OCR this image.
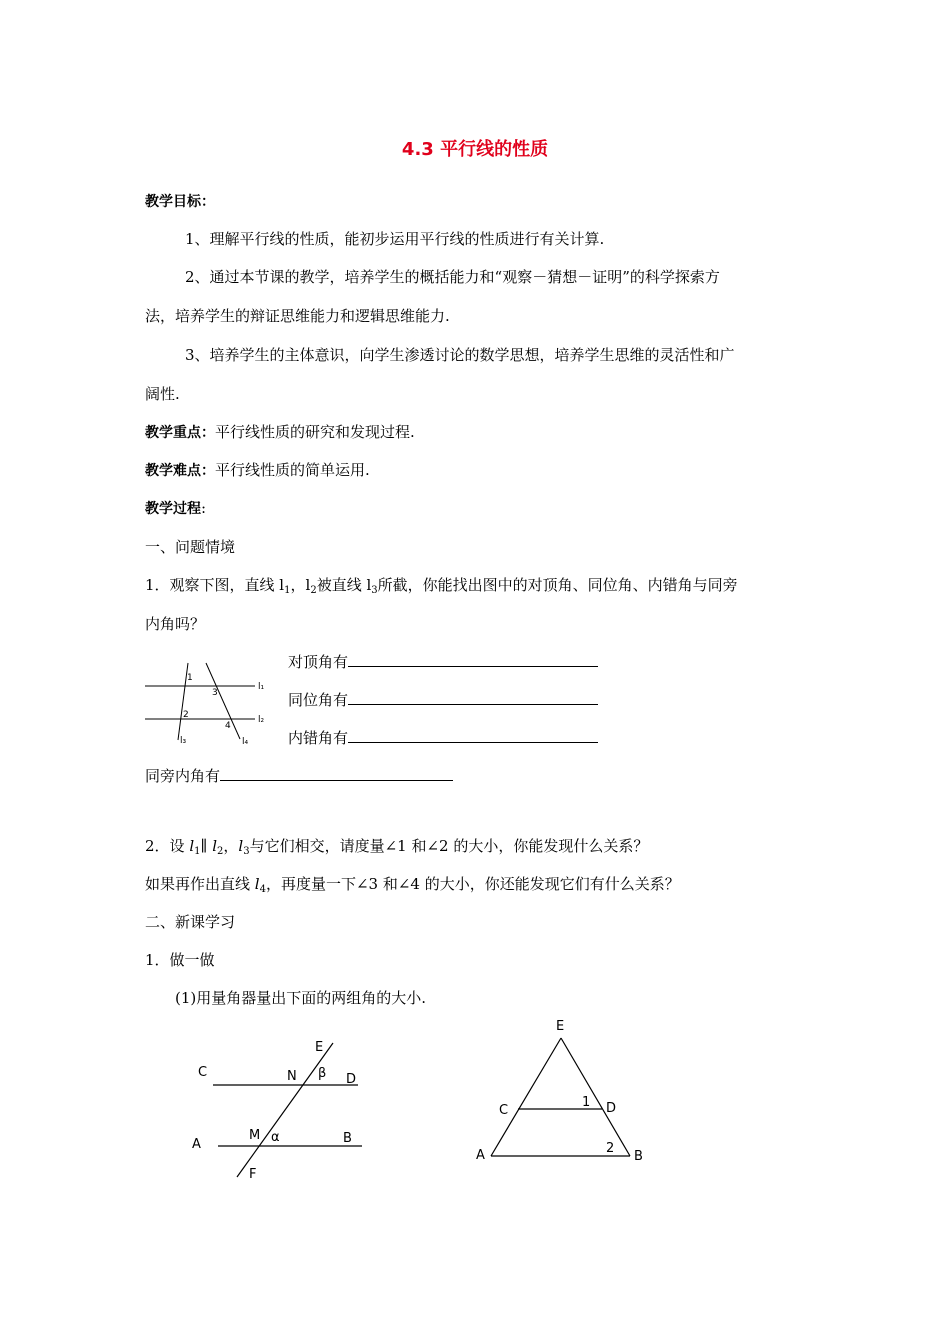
4.3 平行线的性质
教学目标：
1、理解平行线的性质，能初步运用平行线的性质进行有关计算.
2、通过本节课的教学，培养学生的概括能力和“观察－猜想－证明”的科学探索方
法，培养学生的辩证思维能力和逻辑思维能力.
3、培养学生的主体意识，向学生渗透讨论的数学思想，培养学生思维的灵活性和广
阔性.
教学重点：平行线性质的研究和发现过程.
教学难点：平行线性质的简单运用.
教学过程:
一、问题情境
1．观察下图，直线 $l_1$，$l_2$被直线 $l_3$所截，你能找出图中的对顶角、同位角、内错角与同旁
内角吗？
1
2
3
4
l₁
l₂
l₃	l₄
对顶角有
同位角有
内错角有
同旁内角有
2．设 $l_1\parallel$ $l_2$，$l_3$与它们相交，请度量∠1 和∠2 的大小，你能发现什么关系？
如果再作出直线 $l_4$，再度量一下∠3 和∠4 的大小，你还能发现它们有什么关系？
二、新课学习
1．做一做
(1)用量角器量出下面的两组角的大小.
C	N
E
β D
A
M α	B
F
E
C
1 D
A	2
B
